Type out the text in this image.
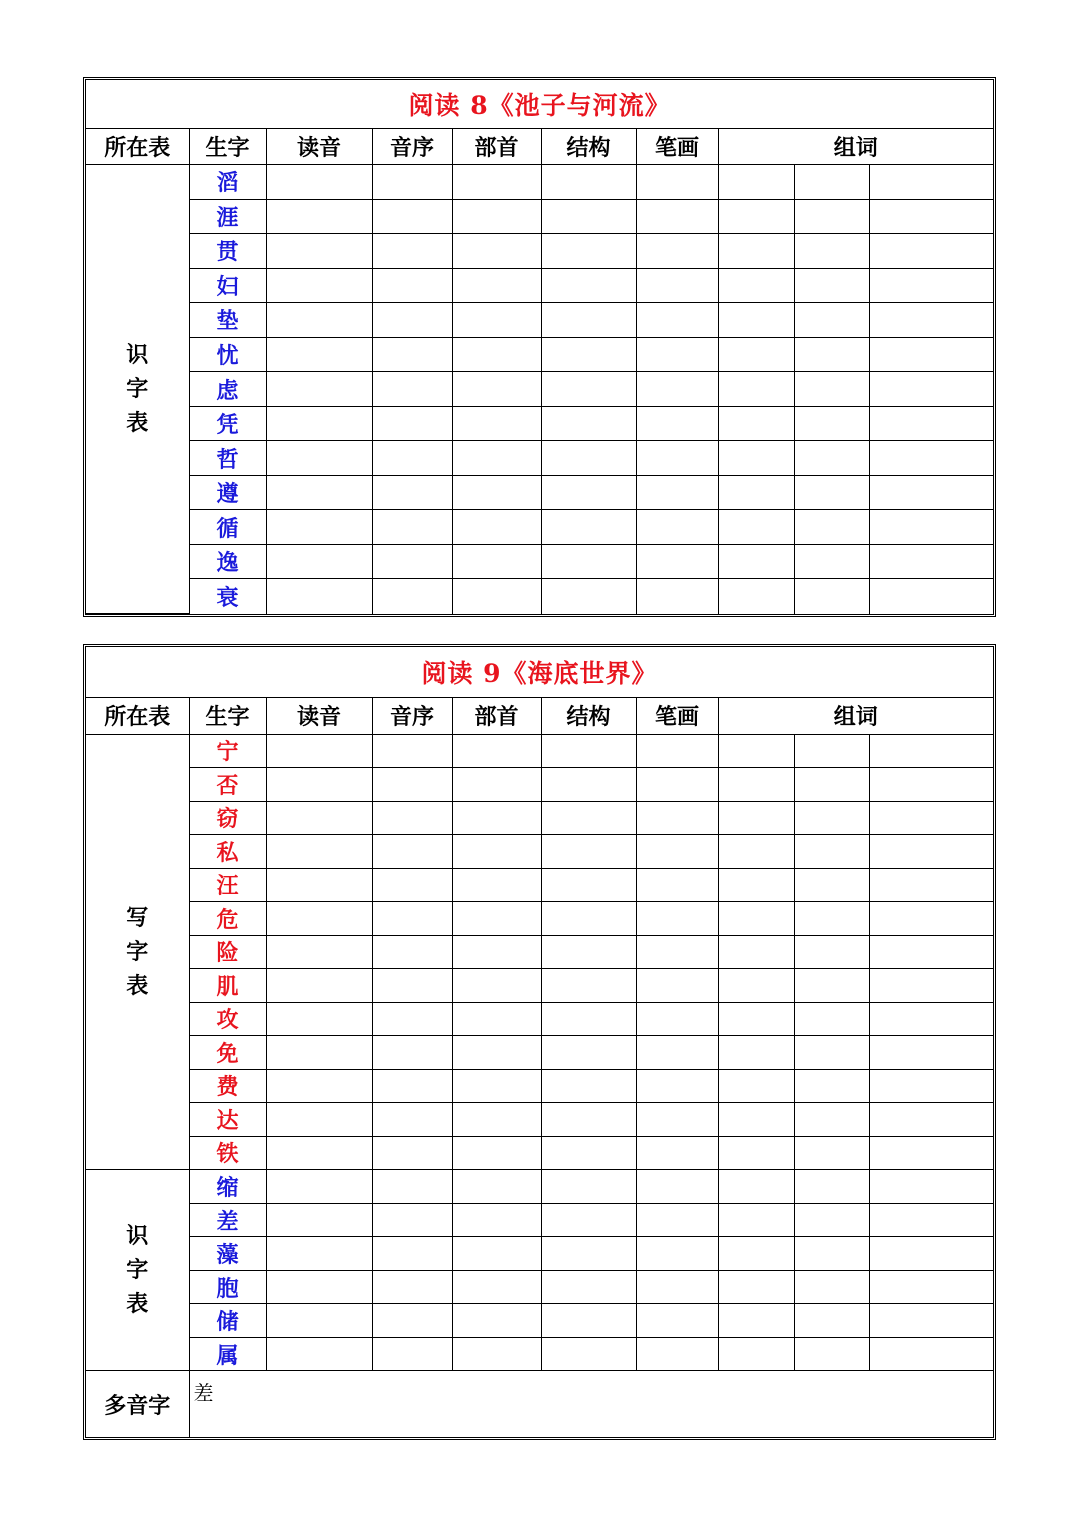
阅读 8《池子与河流》									
所在表	生字	读音	音序	部首	结构	笔画	组词		
识字表	滔								
	涯								
	贯								
	妇								
	垫								
	忧								
	虑								
	凭								
	哲								
	遵								
	循								
	逸								
	衰								
阅读 9《海底世界》									
所在表	生字	读音	音序	部首	结构	笔画	组词		
写字表	宁								
	否								
	窃								
	私								
	汪								
	危								
	险								
	肌								
	攻								
	免								
	费								
	达								
	铁								
识字表	缩								
	差								
	藻								
	胞								
	储								
	属								
多音字	差								
